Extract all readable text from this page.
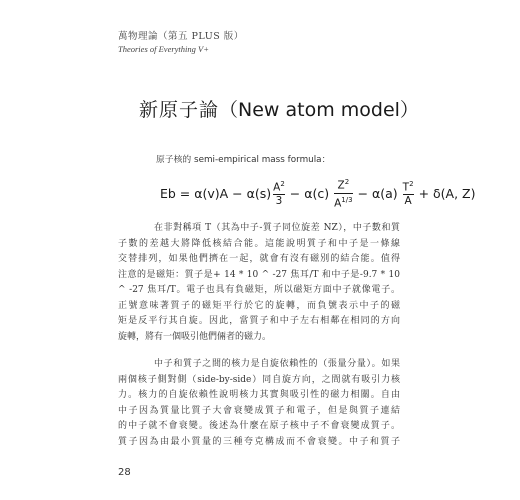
萬物理論（第五 PLUS 版）
Theories of Everything V+
新原子論（New atom model）
原子核的 semi-empirical mass formula：
$Eb = \alpha(v)A - \alpha(s) \frac{A^2}{3} - \alpha(c) \frac{Z^2}{A^{1/3}} - \alpha(a) \frac{T^2}{A} + \delta(A$, Z)
在非對稱項 T（其為中子-質子同位旋差 NZ），中子數和質
子數的差越大將降低核結合能。這能說明質子和中子是一條線
交替排列，如果他們擠在一起，就會有沒有磁別的結合能。值得
注意的是磁矩：質子是+ 14 * 10 ^ -27 焦耳/T 和中子是-9.7 * 10
^ -27 焦耳/T。電子也具有負磁矩，所以磁矩方面中子就像電子。
正號意味著質子的磁矩平行於它的旋轉，而負號表示中子的磁
矩是反平行其自旋。因此，當質子和中子左右相鄰在相同的方向
旋轉，將有一個吸引他們倆者的磁力。
中子和質子之間的核力是自旋依賴性的（張量分量）。如果
兩個核子側對側（side-by-side）同自旋方向，之間就有吸引力核
力。核力的自旋依賴性說明核力其實與吸引性的磁力相關。自由
中子因為質量比質子大會衰變成質子和電子，但是與質子連結
的中子就不會衰變。後述為什麼在原子核中子不會衰變成質子。
質子因為由最小質量的三種夸克構成而不會衰變。中子和質子
28
